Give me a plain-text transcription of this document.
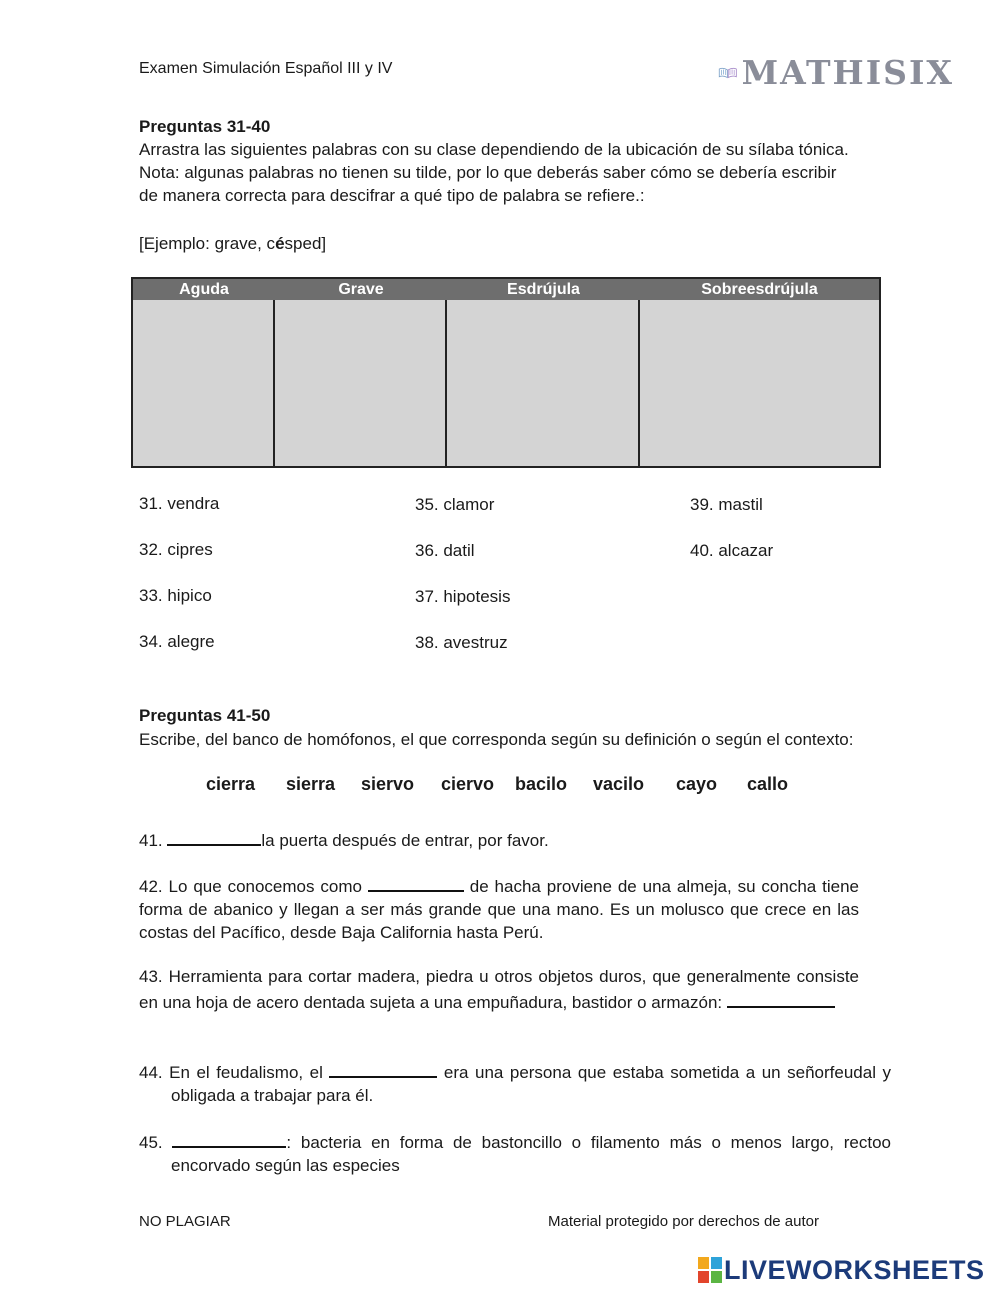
Examen Simulación Español III y IV	MATHISIX
Preguntas 31-40
Arrastra las siguientes palabras con su clase dependiendo de la ubicación de su sílaba tónica. Nota: algunas palabras no tienen su tilde, por lo que deberás saber cómo se debería escribir de manera correcta para descifrar a qué tipo de palabra se refiere.:
[Ejemplo: grave, césped]
Aguda	Grave	Esdrújula	Sobreesdrújula
31. vendra
32. cipres
33. hipico
34. alegre
35. clamor
36. datil
37. hipotesis
38. avestruz
39. mastil
40. alcazar
Preguntas 41-50
Escribe, del banco de homófonos, el que corresponda según su definición o según el contexto:
cierra sierra siervo ciervo bacilo vacilo cayo callo
41.	la puerta después de entrar, por favor.
42. Lo que conocemos como	de hacha proviene de una almeja, su concha tiene forma de abanico y llegan a ser más grande que una mano. Es un molusco que crece en las costas del Pacífico, desde Baja California hasta Perú.
43. Herramienta para cortar madera, piedra u otros objetos duros, que generalmente consiste en una hoja de acero dentada sujeta a una empuñadura, bastidor o armazón:
44. En el feudalismo, el	era una persona que estaba sometida a un señorfeudal y obligada a trabajar para él.
45.	: bacteria en forma de bastoncillo o filamento más o menos largo, rectoo encorvado según las especies
NO PLAGIAR	Material protegido por derechos de autor
LIVEWORKSHEETS
